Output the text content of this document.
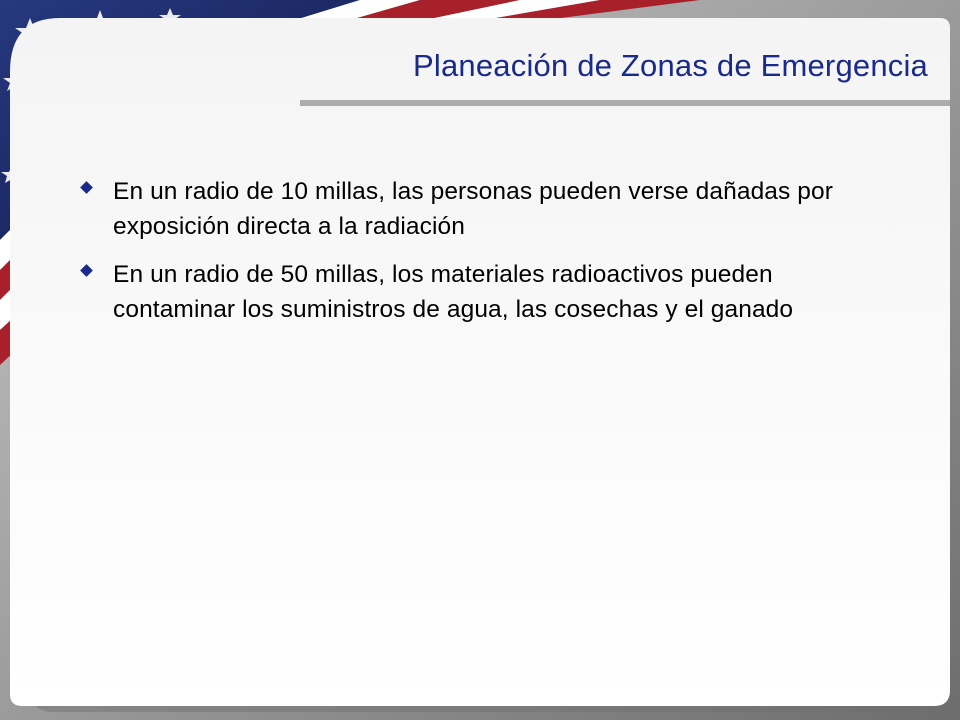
Planeación de Zonas de Emergencia
En un radio de 10 millas, las personas pueden verse dañadas por exposición directa a la radiación
En un radio de 50 millas, los materiales radioactivos pueden contaminar los suministros de agua, las cosechas y el ganado
